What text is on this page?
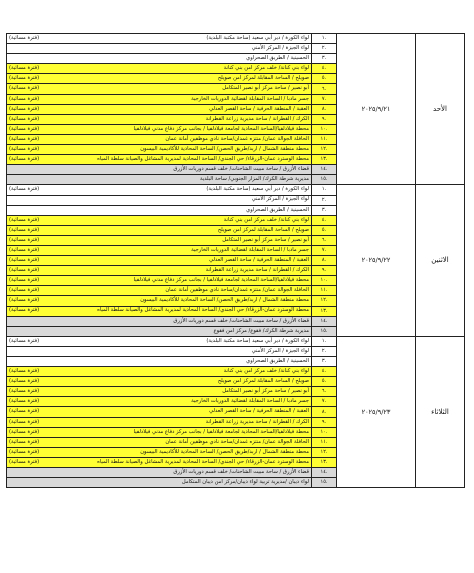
الأحد	٢٠٢٥/٩/٢١	.١	لواء الكورة / دير أبي سعيد (ساحة مكتبة البلدية)
(فترة مسائية)

		.٢	لواء الجيزة / المركز الأمني

		.٣	الحسينية / الطريق الصحراوي

		.٤	لواء بني كنانة/ خلف مركز امن بني كنانة
(فترة مسائية)

		.٥	صويلح / الساحة المقابلة لمركز امن صويلح
(فترة مسائية)

		.٦	أبو نصير / ساحة مركز أبو نصير المتكامل
(فترة مسائية)

		.٧	جسر مادبا / الساحة المقابلة لقضائية الدوريات الخارجية
(فترة مسائية)

		.٨	العقبة / المنطقة الحرفية / ساحة القصر العدلي
(فترة مسائية)

		.٩	الكرك / القطرانة / ساحة مديرية زراعة القطرانة
(فترة مسائية)

		.١٠	محطة فيلادلفيا/الساحة المحاذية لجامعة فيلادلفيا / بجانب مركز دفاع مدني فيلادلفيا
(فترة مسائية)

		.١١	الحافلة الجوالة عمان/ منتزه غمدان/ساحة نادي موظفين أمانة عمان
(فترة مسائية)

		.١٢	محطة منطقة الشمال / اربد/طريق الحصن/ الساحة المحاذية للأكاديمية البيسون
(فترة مسائية)

		.١٣	محطة الوسترد عمان-الزرقاء/ حي الجندي/ الساحة المحاذية لمديرية المشاغل والصيانة سلطة المياه
(فترة مسائية)

		.١٤	قضاء الأزرق / ساحة مبيت الشاحنات/ خلف قسم دوريات الأزرق

		.١٥	مديرية شرطة الكرك/ المزار الجنوبي/ ساحة البلدية

الاثنين	٢٠٢٥/٩/٢٢	.١	لواء الكورة / دير أبي سعيد (ساحة مكتبة البلدية)
(فترة مسائية)

		.٢	لواء الجيزة / المركز الأمني

		.٣	الحسينية / الطريق الصحراوي

		.٤	لواء بني كنانة/ خلف مركز امن بني كنانة
(فترة مسائية)

		.٥	صويلح / الساحة المقابلة لمركز امن صويلح
(فترة مسائية)

		.٦	أبو نصير / ساحة مركز أبو نصير المتكامل
(فترة مسائية)

		.٧	جسر مادبا / الساحة المقابلة لقضائية الدوريات الخارجية
(فترة مسائية)

		.٨	العقبة / المنطقة الحرفية / ساحة القصر العدلي
(فترة مسائية)

		.٩	الكرك / القطرانة / ساحة مديرية زراعة القطرانة
(فترة مسائية)

		.١٠	محطة فيلادلفيا/الساحة المحاذية لجامعة فيلادلفيا / بجانب مركز دفاع مدني فيلادلفيا
(فترة مسائية)

		.١١	الحافلة الجوالة عمان/ منتزه غمدان/ساحة نادي موظفين أمانة عمان
(فترة مسائية)

		.١٢	محطة منطقة الشمال / اربد/طريق الحصن/ الساحة المحاذية للأكاديمية البيسون
(فترة مسائية)

		.١٣	محطة الوسترد عمان-الزرقاء/ حي الجندي/ الساحة المحاذية لمديرية المشاغل والصيانة سلطة المياه
(فترة مسائية)

		.١٤	قضاء الأزرق / ساحة مبيت الشاحنات/ خلف قسم دوريات الأزرق

		.١٥	مديرية شرطة الكرك/ فقوع/ مركز امن فقوع

الثلاثاء	٢٠٢٥/٩/٢٣	.١	لواء الكورة / دير أبي سعيد (ساحة مكتبة البلدية)
(فترة مسائية)

		.٢	لواء الجيزة / المركز الأمني

		.٣	الحسينية / الطريق الصحراوي

		.٤	لواء بني كنانة/ خلف مركز امن بني كنانة
(فترة مسائية)

		.٥	صويلح / الساحة المقابلة لمركز امن صويلح
(فترة مسائية)

		.٦	أبو نصير / ساحة مركز أبو نصير المتكامل
(فترة مسائية)

		.٧	جسر مادبا / الساحة المقابلة لقضائية الدوريات الخارجية
(فترة مسائية)

		.٨	العقبة / المنطقة الحرفية / ساحة القصر العدلي
(فترة مسائية)

		.٩	الكرك / القطرانة / ساحة مديرية زراعة القطرانة
(فترة مسائية)

		.١٠	محطة فيلادلفيا/الساحة المحاذية لجامعة فيلادلفيا / بجانب مركز دفاع مدني فيلادلفيا
(فترة مسائية)

		.١١	الحافلة الجوالة عمان/ منتزه غمدان/ساحة نادي موظفين أمانة عمان
(فترة مسائية)

		.١٢	محطة منطقة الشمال / اربد/طريق الحصن/ الساحة المحاذية للأكاديمية البيسون
(فترة مسائية)

		.١٣	محطة الوسترد عمان-الزرقاء/ حي الجندي/ الساحة المحاذية لمديرية المشاغل والصيانة سلطة المياه
(فترة مسائية)

		.١٤	قضاء الأزرق / ساحة مبيت الشاحنات/ خلف قسم دوريات الأزرق

		.١٥	لواء ذيبان /مديرية تربية لواء ذيبان/مركز امن ذيبان المتكامل
